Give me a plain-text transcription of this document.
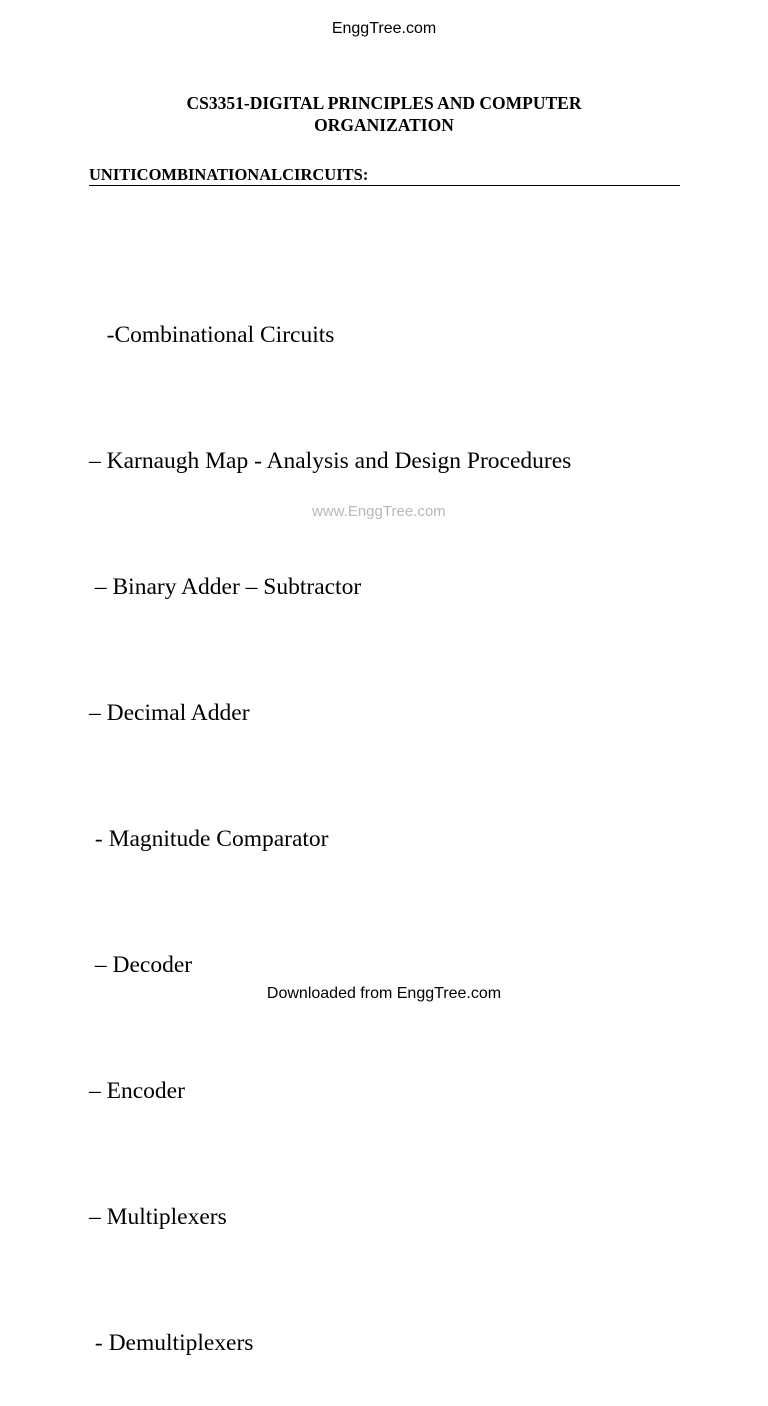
EnggTree.com
CS3351-DIGITAL PRINCIPLES AND COMPUTER
ORGANIZATION
UNITICOMBINATIONALCIRCUITS:

-Combinational Circuits

– Karnaugh Map - Analysis and Design Procedures

– Binary Adder – Subtractor

– Decimal Adder

- Magnitude Comparator

– Decoder

– Encoder

– Multiplexers

- Demultiplexers

www.EnggTree.com
Downloaded from EnggTree.com
